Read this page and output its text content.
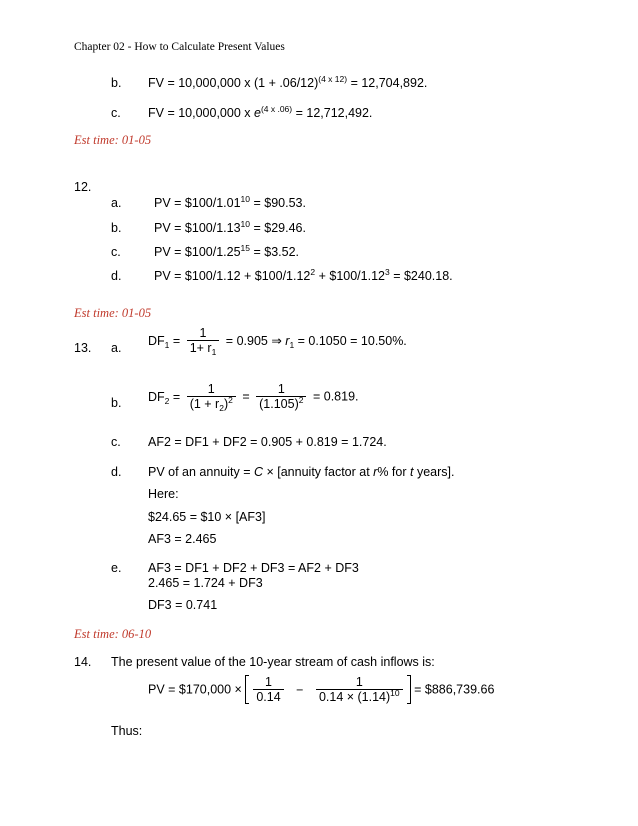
Chapter 02 - How to Calculate Present Values
b. FV = 10,000,000 x $(1 + .06/12)^{(4 x 12)} = 12,704,892$.
c. FV = 10,000,000 x $e^{(4 x .06)} = 12,712,492$.
Est time: 01-05
12.
a.	PV = $\$100/1.01^{10}$ = $90.53.
b.	PV = $\$100/1.13^{10}$ = $29.46.
c.	PV = $\$100/1.25^{15}$ = $3.52.
d.	PV = $100/1.12 + $\$100/1.12^2$ + $\$100/1.12^3$ = $240.18.
Est time: 01-05
13. a.
$DF_1 = \frac{1}{1+ r_1} = 0.905$ ⇒ $r_1 = 0.1050 = 10.50\%$.
b. $DF_2 = \frac{1}{(1 + r_2)^2} = \frac{1}{(1.105)^2} = 0.819$.
c. AF2 = DF1 + DF2 = 0.905 + 0.819 = 1.724.
d. PV of an annuity = C × [annuity factor at r% for t years].
Here:
$24.65 = $10 × [AF3]
AF3 = 2.465
e. AF3 = DF1 + DF2 + DF3 = AF2 + DF3
2.465 = 1.724 + DF3
DF3 = 0.741
Est time: 06-10
14. The present value of the 10-year stream of cash inflows is:
PV = $170,000 × $\frac{1}{0.14} - \frac{1}{0.14 \times (1.14)^{10}}$ = $886,739.66
Thus:
